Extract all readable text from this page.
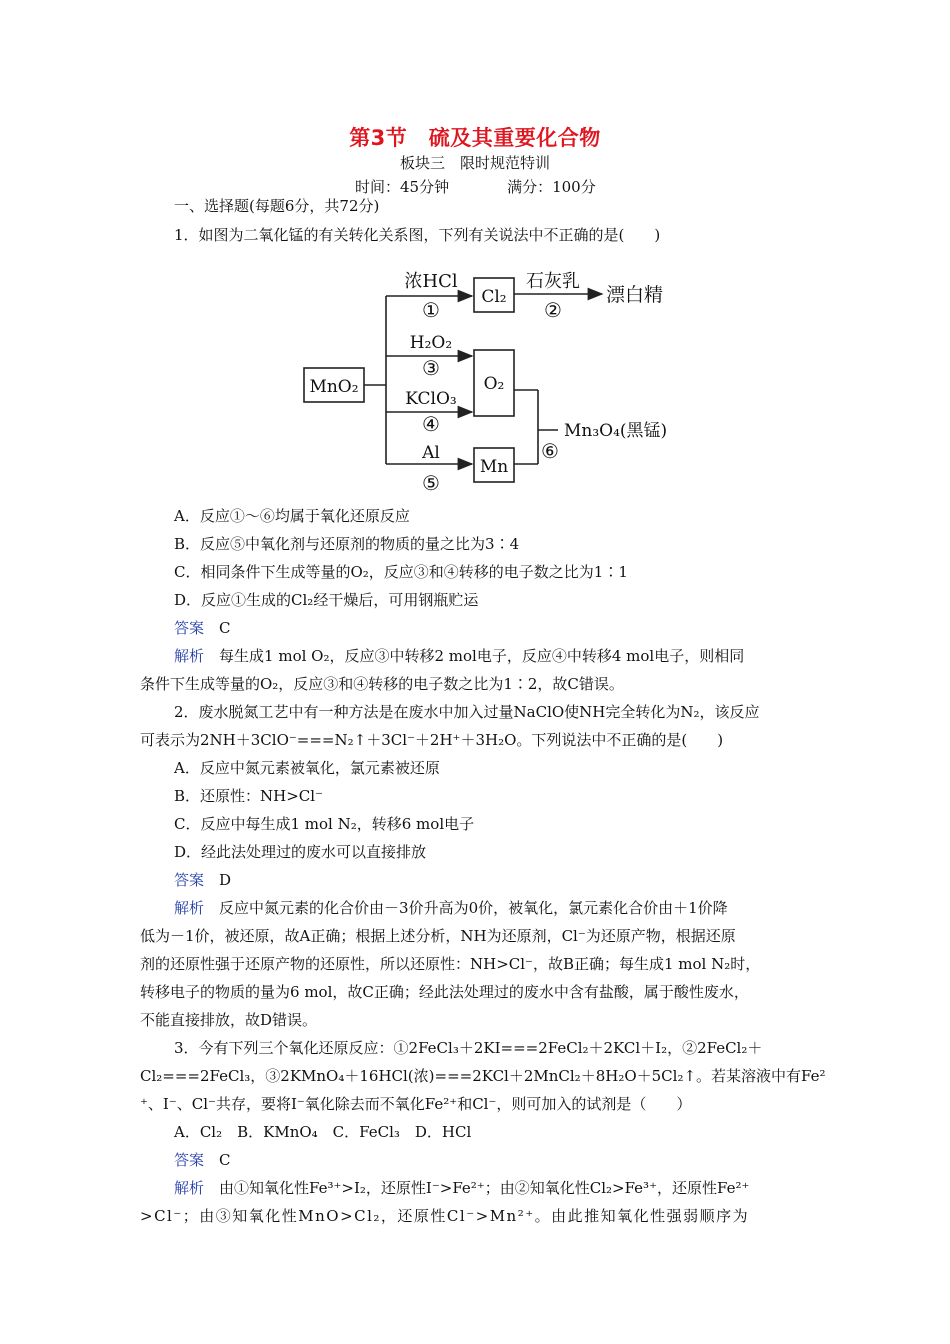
第3节　硫及其重要化合物
板块三　限时规范特训
时间：45分钟	满分：100分
一、选择题(每题6分，共72分)
1．如图为二氧化锰的有关转化关系图，下列有关说法中不正确的是(　　)
MnO₂
Cl₂
O₂
Mn
漂白精
Mn₃O₄(黑锰)
浓HCl
①
石灰乳
②
H₂O₂
③
KClO₃
④
Al
⑤
⑥
A．反应①～⑥均属于氧化还原反应
B．反应⑤中氧化剂与还原剂的物质的量之比为3∶4
C．相同条件下生成等量的O₂，反应③和④转移的电子数之比为1∶1
D．反应①生成的Cl₂经干燥后，可用钢瓶贮运
答案　 C
解析　 每生成1 mol O₂，反应③中转移2 mol电子，反应④中转移4 mol电子，则相同
条件下生成等量的O₂，反应③和④转移的电子数之比为1∶2，故C错误。
2．废水脱氮工艺中有一种方法是在废水中加入过量NaClO使NH完全转化为N₂，该反应
可表示为2NH＋3ClO⁻===N₂↑＋3Cl⁻＋2H⁺＋3H₂O。下列说法中不正确的是(　　)
A．反应中氮元素被氧化，氯元素被还原
B．还原性：NH>Cl⁻
C．反应中每生成1 mol N₂，转移6 mol电子
D．经此法处理过的废水可以直接排放
答案　 D
解析　 反应中氮元素的化合价由－3价升高为0价，被氧化，氯元素化合价由＋1价降
低为－1价，被还原，故A正确；根据上述分析，NH为还原剂，Cl⁻为还原产物，根据还原
剂的还原性强于还原产物的还原性，所以还原性：NH>Cl⁻，故B正确；每生成1 mol N₂时，
转移电子的物质的量为6 mol，故C正确；经此法处理过的废水中含有盐酸，属于酸性废水，
不能直接排放，故D错误。
3．今有下列三个氧化还原反应：①2FeCl₃＋2KI===2FeCl₂＋2KCl＋I₂，②2FeCl₂＋
Cl₂===2FeCl₃，③2KMnO₄＋16HCl(浓)===2KCl＋2MnCl₂＋8H₂O＋5Cl₂↑。若某溶液中有Fe²
⁺、I⁻、Cl⁻共存，要将I⁻氧化除去而不氧化Fe²⁺和Cl⁻，则可加入的试剂是（　　）
A．Cl₂　B．KMnO₄　C．FeCl₃　D．HCl
答案　 C
解析　 由①知氧化性Fe³⁺>I₂，还原性I⁻>Fe²⁺；由②知氧化性Cl₂>Fe³⁺，还原性Fe²⁺
>Cl⁻；由③知氧化性MnO>Cl₂，还原性Cl⁻>Mn²⁺。由此推知氧化性强弱顺序为
